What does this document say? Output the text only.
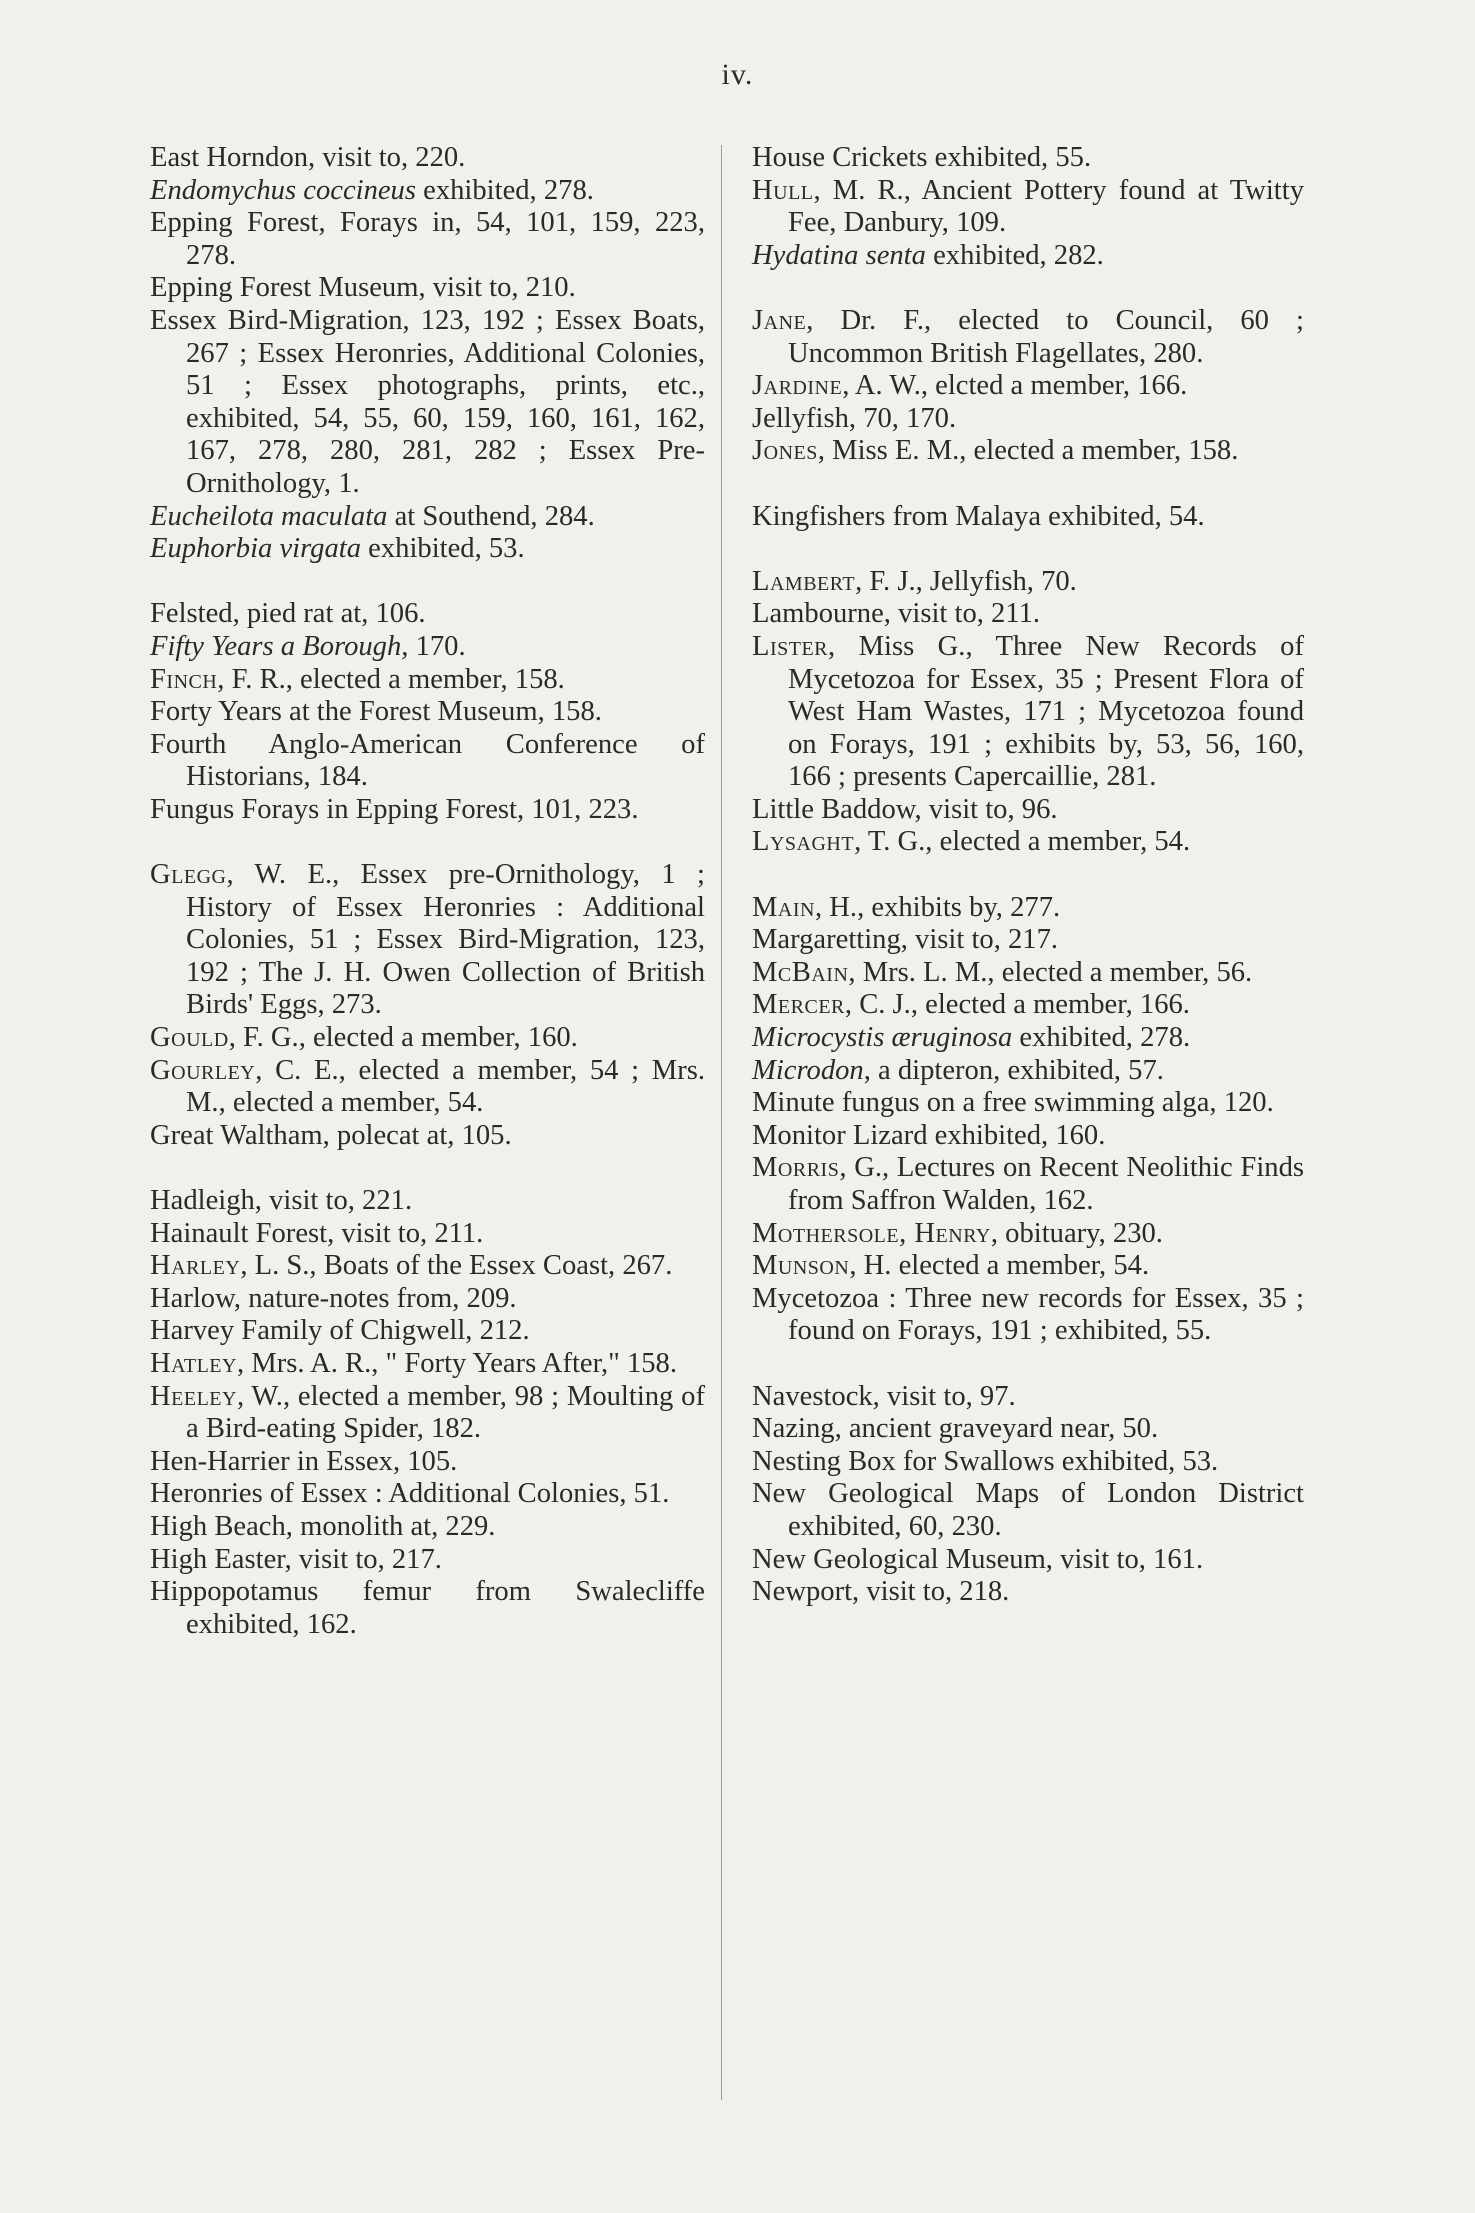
iv.

East Horndon, visit to, 220.

Endomychus coccineus exhibited, 278.

Epping Forest, Forays in, 54, 101, 159, 223, 278.

Epping Forest Museum, visit to, 210.

Essex Bird-Migration, 123, 192 ; Essex Boats, 267 ; Essex Heronries, Additional Colonies, 51 ; Essex photographs, prints, etc., exhibited, 54, 55, 60, 159, 160, 161, 162, 167, 278, 280, 281, 282 ; Essex Pre-Ornithology, 1.

Eucheilota maculata at Southend, 284.

Euphorbia virgata exhibited, 53.

Felsted, pied rat at, 106.

Fifty Years a Borough, 170.

Finch, F. R., elected a member, 158.

Forty Years at the Forest Museum, 158.

Fourth Anglo-American Conference of Historians, 184.

Fungus Forays in Epping Forest, 101, 223.

Glegg, W. E., Essex pre-Ornithology, 1 ; History of Essex Heronries : Additional Colonies, 51 ; Essex Bird-Migration, 123, 192 ; The J. H. Owen Collection of British Birds' Eggs, 273.

Gould, F. G., elected a member, 160.

Gourley, C. E., elected a member, 54 ; Mrs. M., elected a member, 54.

Great Waltham, polecat at, 105.

Hadleigh, visit to, 221.

Hainault Forest, visit to, 211.

Harley, L. S., Boats of the Essex Coast, 267.

Harlow, nature-notes from, 209.

Harvey Family of Chigwell, 212.

Hatley, Mrs. A. R., " Forty Years After," 158.

Heeley, W., elected a member, 98 ; Moulting of a Bird-eating Spider, 182.

Hen-Harrier in Essex, 105.

Heronries of Essex : Additional Colonies, 51.

High Beach, monolith at, 229.

High Easter, visit to, 217.

Hippopotamus femur from Swalecliffe exhibited, 162.

House Crickets exhibited, 55.

Hull, M. R., Ancient Pottery found at Twitty Fee, Danbury, 109.

Hydatina senta exhibited, 282.

Jane, Dr. F., elected to Council, 60 ; Uncommon British Flagellates, 280.

Jardine, A. W., elcted a member, 166.

Jellyfish, 70, 170.

Jones, Miss E. M., elected a member, 158.

Kingfishers from Malaya exhibited, 54.

Lambert, F. J., Jellyfish, 70.

Lambourne, visit to, 211.

Lister, Miss G., Three New Records of Mycetozoa for Essex, 35 ; Present Flora of West Ham Wastes, 171 ; Mycetozoa found on Forays, 191 ; exhibits by, 53, 56, 160, 166 ; presents Capercaillie, 281.

Little Baddow, visit to, 96.

Lysaght, T. G., elected a member, 54.

Main, H., exhibits by, 277.

Margaretting, visit to, 217.

McBain, Mrs. L. M., elected a member, 56.

Mercer, C. J., elected a member, 166.

Microcystis æruginosa exhibited, 278.

Microdon, a dipteron, exhibited, 57.

Minute fungus on a free swimming alga, 120.

Monitor Lizard exhibited, 160.

Morris, G., Lectures on Recent Neolithic Finds from Saffron Walden, 162.

Mothersole, Henry, obituary, 230.

Munson, H. elected a member, 54.

Mycetozoa : Three new records for Essex, 35 ; found on Forays, 191 ; exhibited, 55.

Navestock, visit to, 97.

Nazing, ancient graveyard near, 50.

Nesting Box for Swallows exhibited, 53.

New Geological Maps of London District exhibited, 60, 230.

New Geological Museum, visit to, 161.

Newport, visit to, 218.
